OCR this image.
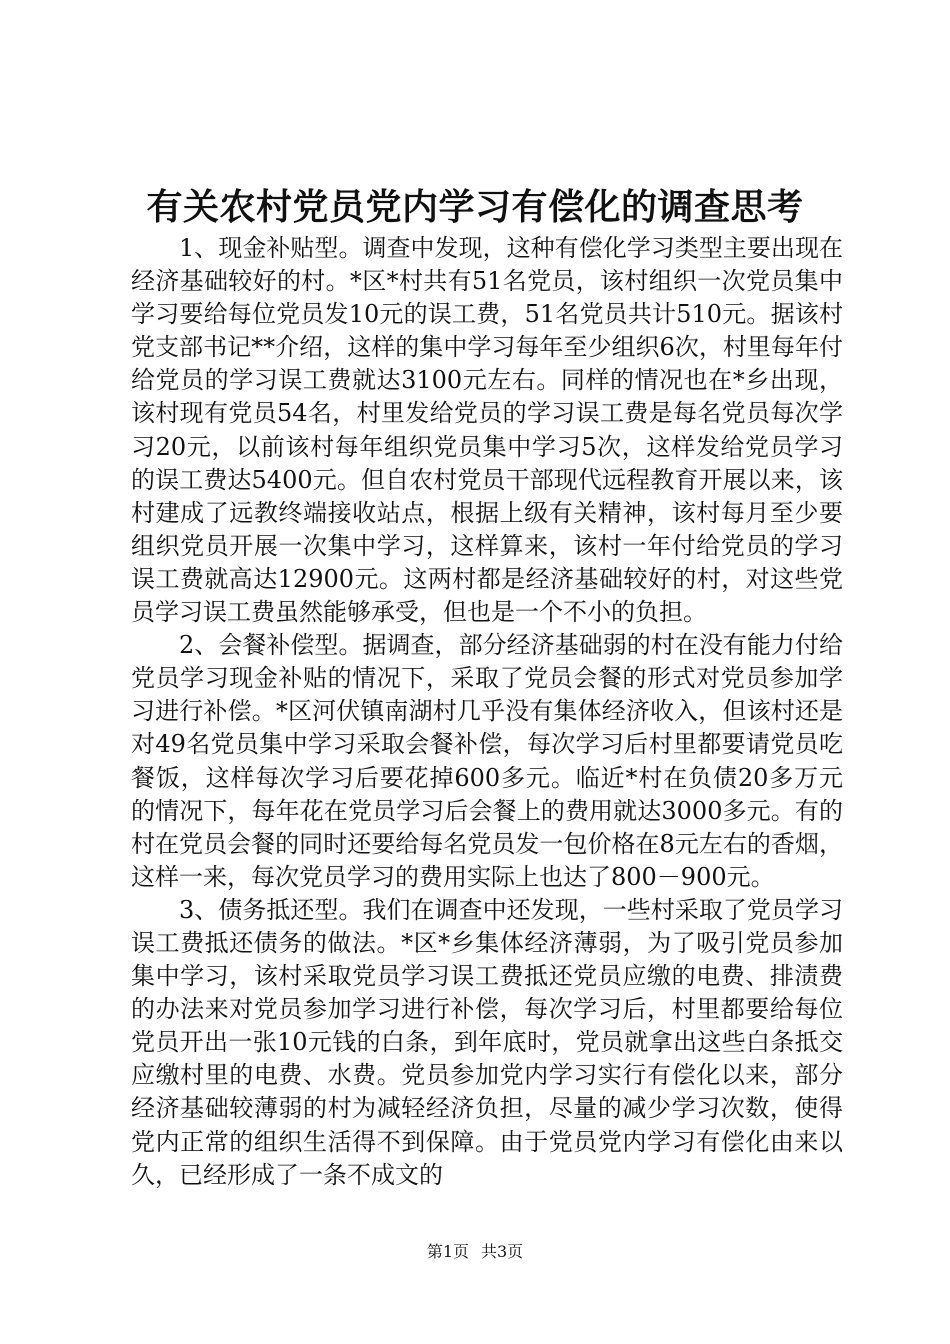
有关农村党员党内学习有偿化的调查思考

1、现金补贴型。调查中发现，这种有偿化学习类型主要出现在经济基础较好的村。*区*村共有51名党员，该村组织一次党员集中学习要给每位党员发10元的误工费，51名党员共计510元。据该村党支部书记**介绍，这样的集中学习每年至少组织6次，村里每年付给党员的学习误工费就达3100元左右。同样的情况也在*乡出现，该村现有党员54名，村里发给党员的学习误工费是每名党员每次学习20元，以前该村每年组织党员集中学习5次，这样发给党员学习的误工费达5400元。但自农村党员干部现代远程教育开展以来，该村建成了远教终端接收站点，根据上级有关精神，该村每月至少要组织党员开展一次集中学习，这样算来，该村一年付给党员的学习误工费就高达12900元。这两村都是经济基础较好的村，对这些党员学习误工费虽然能够承受，但也是一个不小的负担。

2、会餐补偿型。据调查，部分经济基础弱的村在没有能力付给党员学习现金补贴的情况下，采取了党员会餐的形式对党员参加学习进行补偿。*区河伏镇南湖村几乎没有集体经济收入，但该村还是对49名党员集中学习采取会餐补偿，每次学习后村里都要请党员吃餐饭，这样每次学习后要花掉600多元。临近*村在负债20多万元的情况下，每年花在党员学习后会餐上的费用就达3000多元。有的村在党员会餐的同时还要给每名党员发一包价格在8元左右的香烟，这样一来，每次党员学习的费用实际上也达了800－900元。

3、债务抵还型。我们在调查中还发现，一些村采取了党员学习误工费抵还债务的做法。*区*乡集体经济薄弱，为了吸引党员参加集中学习，该村采取党员学习误工费抵还党员应缴的电费、排渍费的办法来对党员参加学习进行补偿，每次学习后，村里都要给每位党员开出一张10元钱的白条，到年底时，党员就拿出这些白条抵交应缴村里的电费、水费。党员参加党内学习实行有偿化以来，部分经济基础较薄弱的村为减轻经济负担，尽量的减少学习次数，使得党内正常的组织生活得不到保障。由于党员党内学习有偿化由来以久，已经形成了一条不成文的

第1页 共3页
